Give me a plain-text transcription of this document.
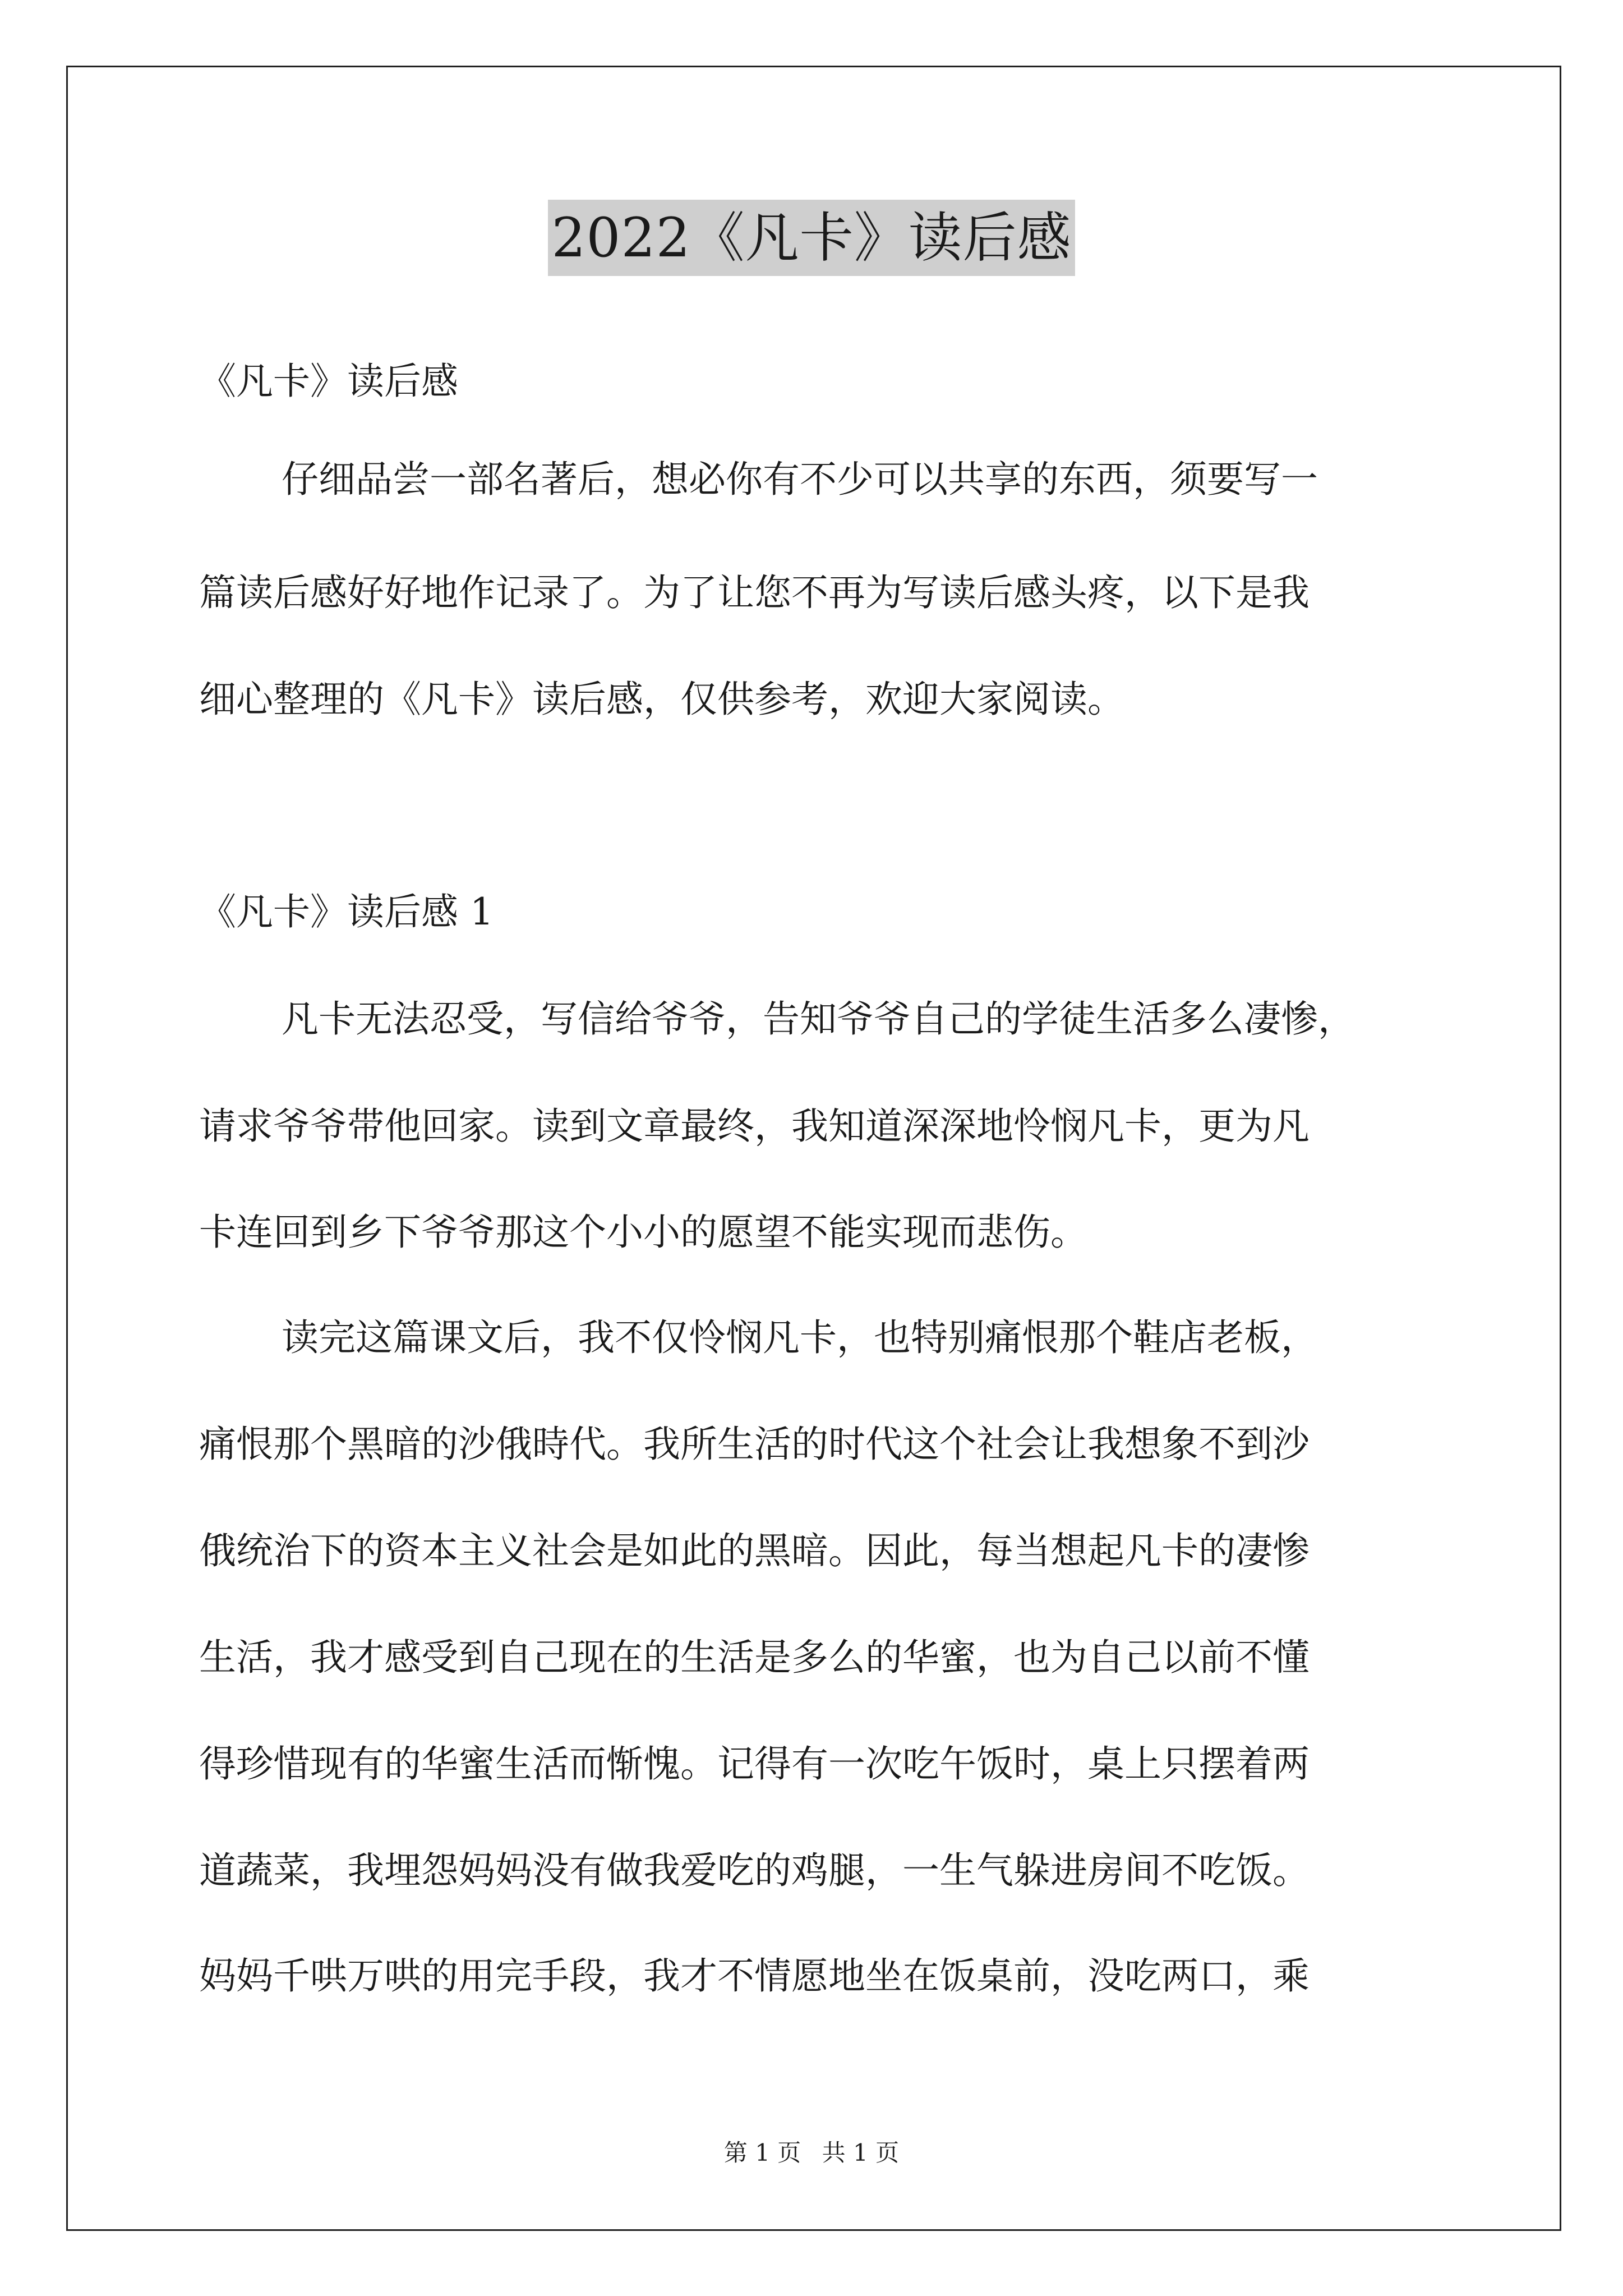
2022《凡卡》读后感
《凡卡》读后感
仔细品尝一部名著后，想必你有不少可以共享的东西，须要写一
篇读后感好好地作记录了。为了让您不再为写读后感头疼，以下是我
细心整理的《凡卡》读后感，仅供参考，欢迎大家阅读。
《凡卡》读后感 1
凡卡无法忍受，写信给爷爷，告知爷爷自己的学徒生活多么凄惨，
请求爷爷带他回家。读到文章最终，我知道深深地怜悯凡卡，更为凡
卡连回到乡下爷爷那这个小小的愿望不能实现而悲伤。
读完这篇课文后，我不仅怜悯凡卡，也特别痛恨那个鞋店老板，
痛恨那个黑暗的沙俄時代。我所生活的时代这个社会让我想象不到沙
俄统治下的资本主义社会是如此的黑暗。因此，每当想起凡卡的凄惨
生活，我才感受到自己现在的生活是多么的华蜜，也为自己以前不懂
得珍惜现有的华蜜生活而惭愧。记得有一次吃午饭时，桌上只摆着两
道蔬菜，我埋怨妈妈没有做我爱吃的鸡腿，一生气躲进房间不吃饭。
妈妈千哄万哄的用完手段，我才不情愿地坐在饭桌前，没吃两口，乘
第 1 页 共 1 页
